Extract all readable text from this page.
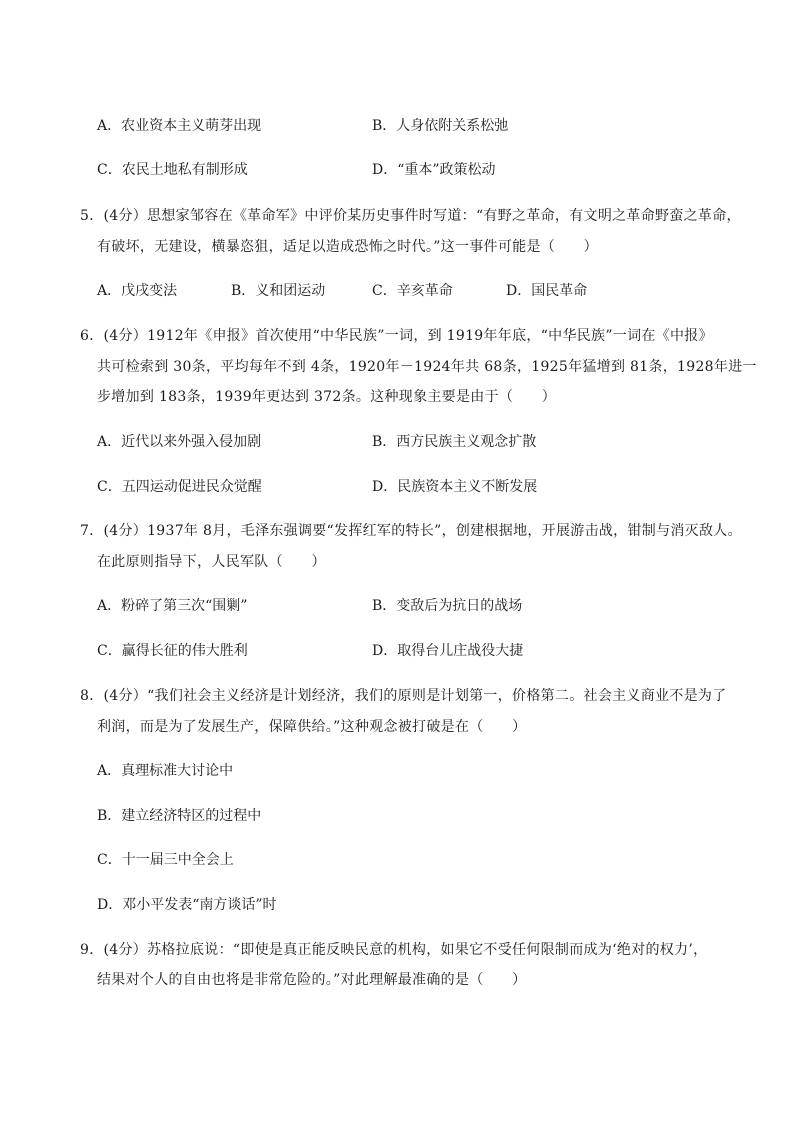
A．农业资本主义萌芽出现	B．人身依附关系松弛
C．农民土地私有制形成	D．“重本”政策松动
5．(4分）思想家邹容在《革命军》中评价某历史事件时写道：“有野之革命，有文明之革命野蛮之革命，
有破坏，无建设，横暴恣狙，适足以造成恐怖之时代。”这一事件可能是（　　）
A．戊戌变法	B．义和团运动	C．辛亥革命	D．国民革命
6．(4分）1912年《申报》首次使用“中华民族”一词，到 1919年年底，“中华民族”一词在《中报》
共可检索到 30条，平均每年不到 4条，1920年－1924年共 68条，1925年猛增到 81条，1928年进一
步增加到 183条，1939年更达到 372条。这种现象主要是由于（　　）
A．近代以来外强入侵加剧	B．西方民族主义观念扩散
C．五四运动促进民众觉醒	D．民族资本主义不断发展
7．(4分）1937年 8月，毛泽东强调要“发挥红军的特长”，创建根据地，开展游击战，钳制与消灭敌人。
在此原则指导下，人民军队（　　）
A．粉碎了第三次“围剿”	B．变敌后为抗日的战场
C．赢得长征的伟大胜利	D．取得台儿庄战役大捷
8．(4分）“我们社会主义经济是计划经济，我们的原则是计划第一，价格第二。社会主义商业不是为了
利润，而是为了发展生产，保障供给。”这种观念被打破是在（　　）
A．真理标准大讨论中
B．建立经济特区的过程中
C．十一届三中全会上
D．邓小平发表“南方谈话”时
9．(4分）苏格拉底说：“即使是真正能反映民意的机构，如果它不受任何限制而成为‘绝对的权力’，
结果对个人的自由也将是非常危险的。”对此理解最准确的是（　　）
